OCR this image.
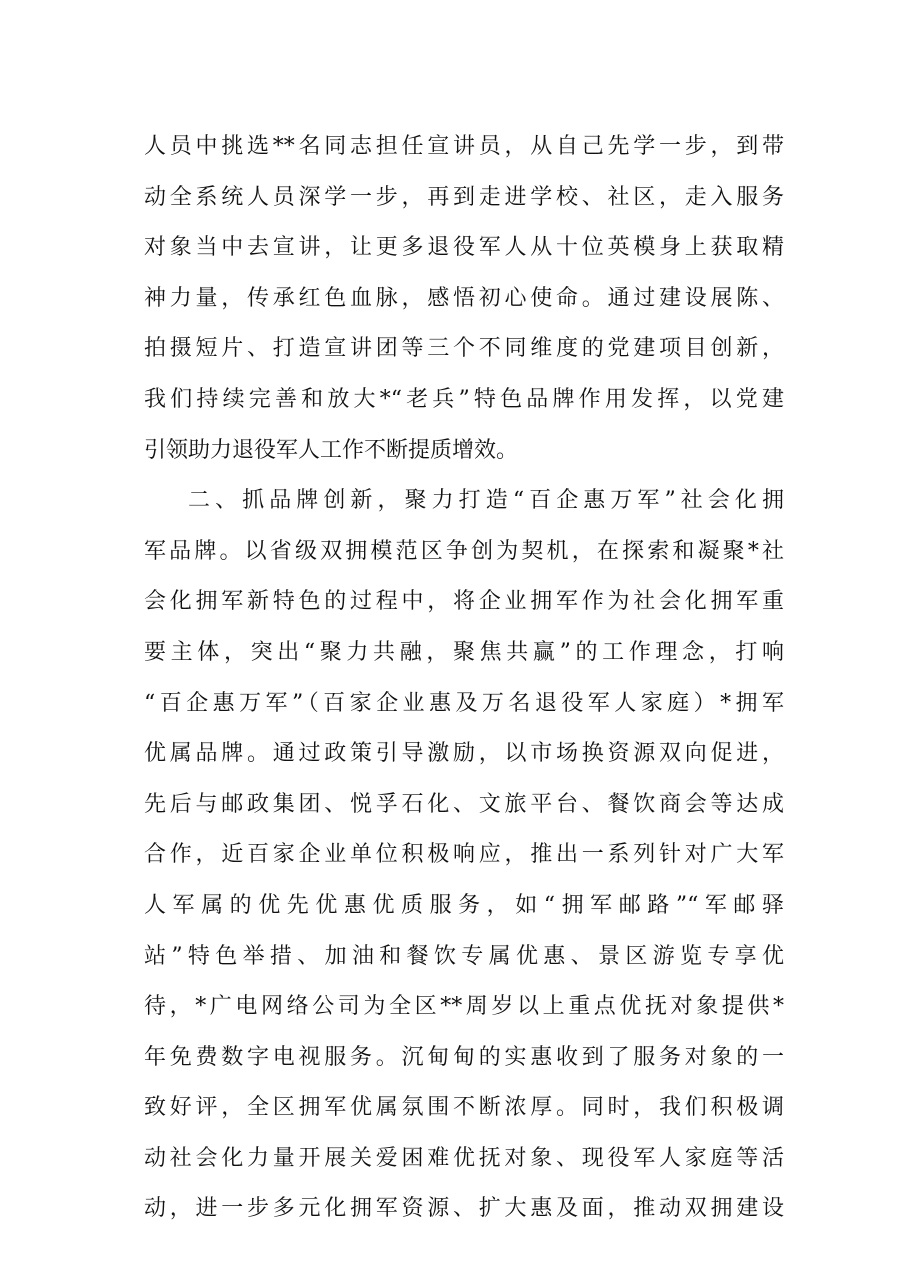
人员中挑选**名同志担任宣讲员，从自己先学一步，到带
动全系统人员深学一步，再到走进学校、社区，走入服务
对象当中去宣讲，让更多退役军人从十位英模身上获取精
神力量，传承红色血脉，感悟初心使命。通过建设展陈、
拍摄短片、打造宣讲团等三个不同维度的党建项目创新，
我们持续完善和放大*“老兵”特色品牌作用发挥，以党建
引领助力退役军人工作不断提质增效。
二、抓品牌创新，聚力打造“百企惠万军”社会化拥
军品牌。以省级双拥模范区争创为契机，在探索和凝聚*社
会化拥军新特色的过程中，将企业拥军作为社会化拥军重
要主体，突出“聚力共融，聚焦共赢”的工作理念，打响
“百企惠万军”（百家企业惠及万名退役军人家庭）*拥军
优属品牌。通过政策引导激励，以市场换资源双向促进，
先后与邮政集团、悦孚石化、文旅平台、餐饮商会等达成
合作，近百家企业单位积极响应，推出一系列针对广大军
人军属的优先优惠优质服务，如“拥军邮路”“军邮驿
站”特色举措、加油和餐饮专属优惠、景区游览专享优
待，*广电网络公司为全区**周岁以上重点优抚对象提供*
年免费数字电视服务。沉甸甸的实惠收到了服务对象的一
致好评，全区拥军优属氛围不断浓厚。同时，我们积极调
动社会化力量开展关爱困难优抚对象、现役军人家庭等活
动，进一步多元化拥军资源、扩大惠及面，推动双拥建设
